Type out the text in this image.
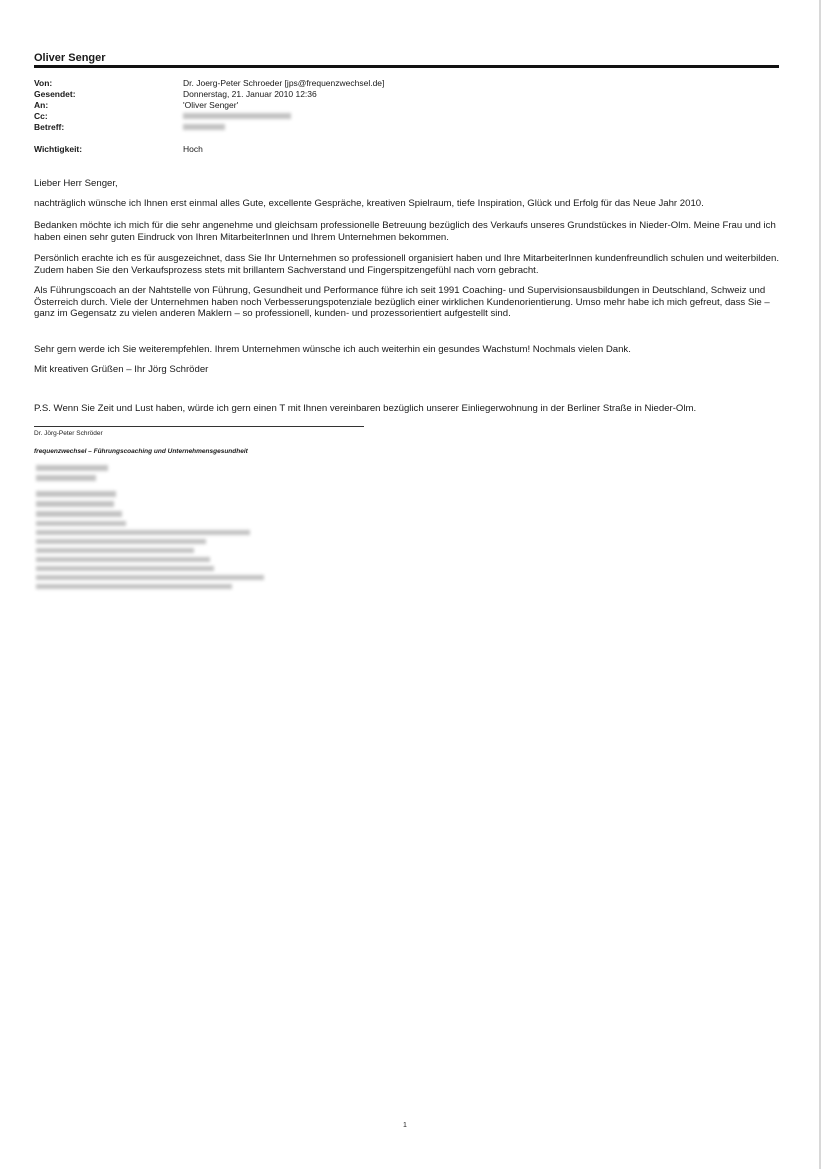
Oliver Senger
Von:
Gesendet:
An:
Cc:
Betreff:
Wichtigkeit:
Dr. Joerg-Peter Schroeder [jps@frequenzwechsel.de]
Donnerstag, 21. Januar 2010 12:36
'Oliver Senger'
Hoch
Lieber Herr Senger,
nachträglich wünsche ich Ihnen erst einmal alles Gute, excellente Gespräche, kreativen Spielraum, tiefe Inspiration, Glück und Erfolg für das Neue Jahr 2010.
Bedanken möchte ich mich für die sehr angenehme und gleichsam professionelle Betreuung bezüglich des Verkaufs unseres Grundstückes in Nieder-Olm. Meine Frau und ich haben einen sehr guten Eindruck von Ihren MitarbeiterInnen und Ihrem Unternehmen bekommen.
Persönlich erachte ich es für ausgezeichnet, dass Sie Ihr Unternehmen so professionell organisiert haben und Ihre MitarbeiterInnen kundenfreundlich schulen und weiterbilden. Zudem haben Sie den Verkaufsprozess stets mit brillantem Sachverstand und Fingerspitzengefühl nach vorn gebracht.
Als Führungscoach an der Nahtstelle von Führung, Gesundheit und Performance führe ich seit 1991 Coaching- und Supervisionsausbildungen in Deutschland, Schweiz und Österreich durch. Viele der Unternehmen haben noch Verbesserungspotenziale bezüglich einer wirklichen Kundenorientierung. Umso mehr habe ich mich gefreut, dass Sie – ganz im Gegensatz zu vielen anderen Maklern – so professionell, kunden- und prozessorientiert aufgestellt sind.
Sehr gern werde ich Sie weiterempfehlen. Ihrem Unternehmen wünsche ich auch weiterhin ein gesundes Wachstum! Nochmals vielen Dank.
Mit kreativen Grüßen – Ihr Jörg Schröder
P.S. Wenn Sie Zeit und Lust haben, würde ich gern einen T mit Ihnen vereinbaren bezüglich unserer Einliegerwohnung in der Berliner Straße in Nieder-Olm.
Dr. Jörg-Peter Schröder
frequenzwechsel – Führungscoaching und Unternehmensgesundheit
1
